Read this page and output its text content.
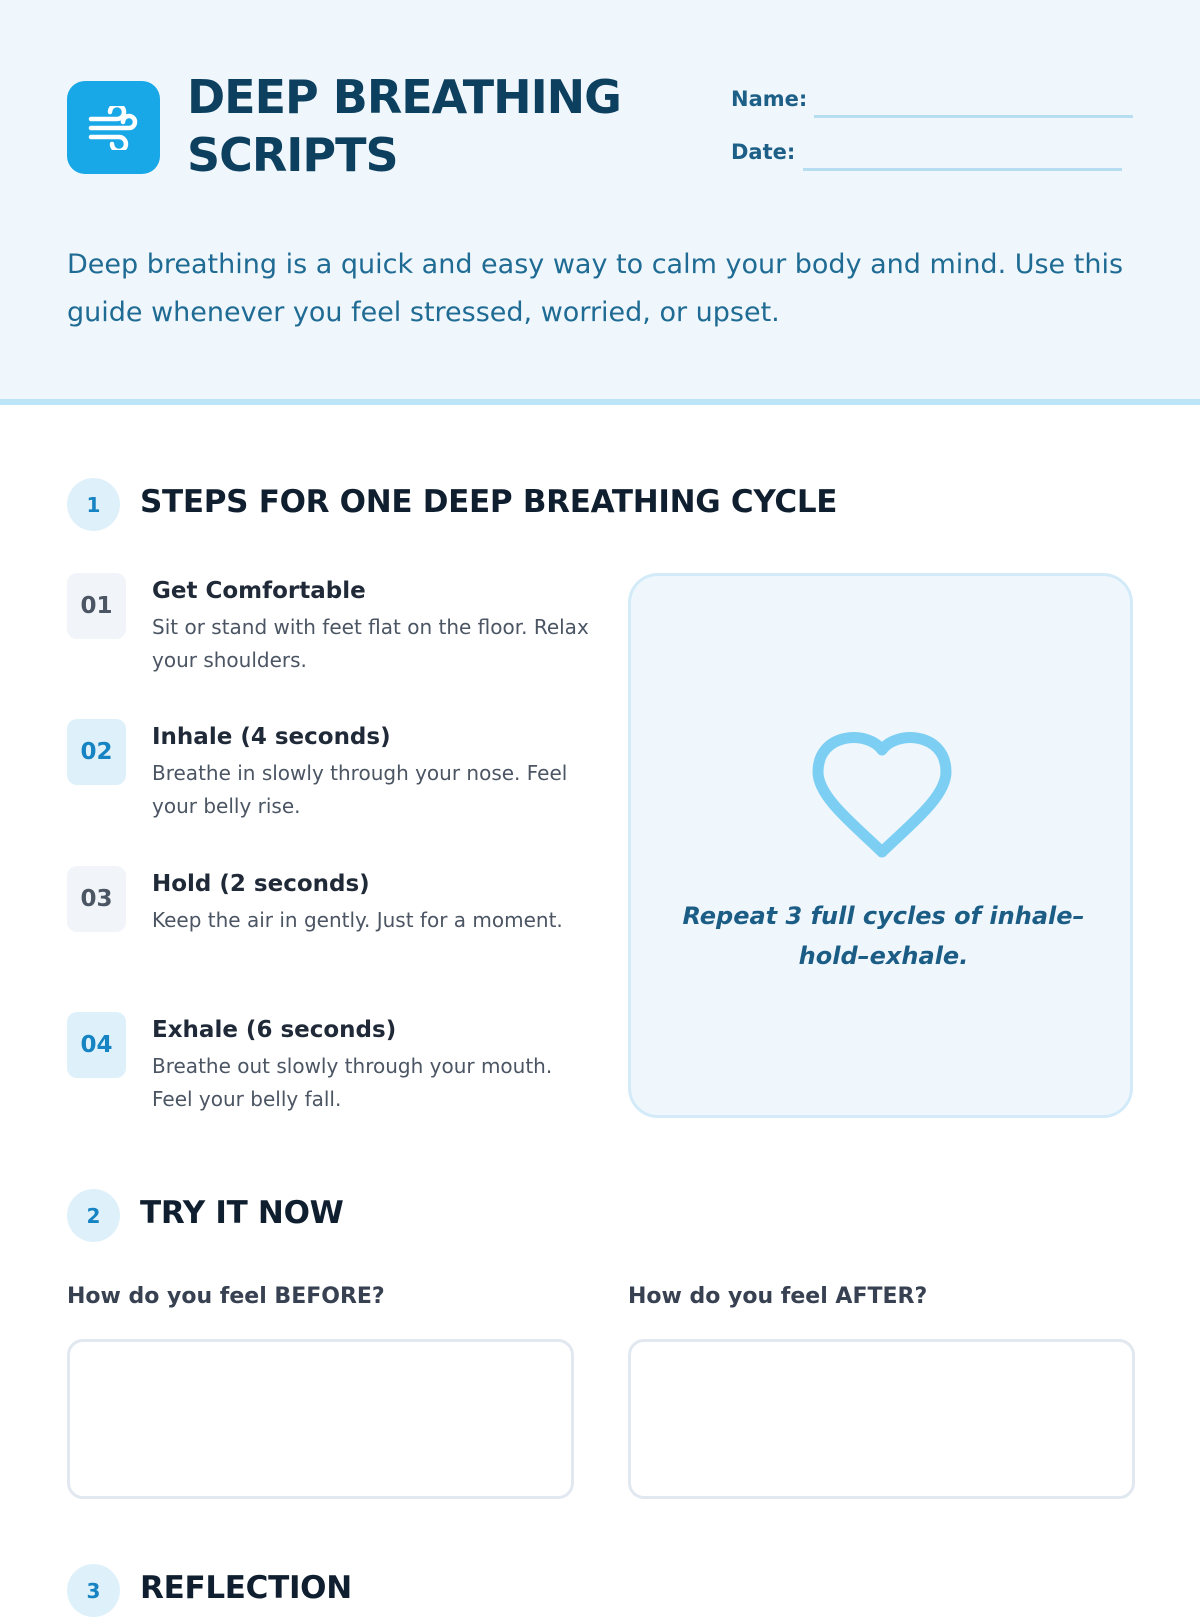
DEEP BREATHING
SCRIPTS
Name:
Date:

Deep breathing is a quick and easy way to calm your body and mind. Use this guide whenever you feel stressed, worried, or upset.

1	STEPS FOR ONE DEEP BREATHING CYCLE
01
Get Comfortable
Sit or stand with feet flat on the floor. Relax your shoulders.
02
Inhale (4 seconds)
Breathe in slowly through your nose. Feel your belly rise.
03
Hold (2 seconds)
Keep the air in gently. Just for a moment.
04
Exhale (6 seconds)
Breathe out slowly through your mouth. Feel your belly fall.
Repeat 3 full cycles of inhale–hold–exhale.
2	TRY IT NOW
How do you feel BEFORE?	How do you feel AFTER?
3	REFLECTION
